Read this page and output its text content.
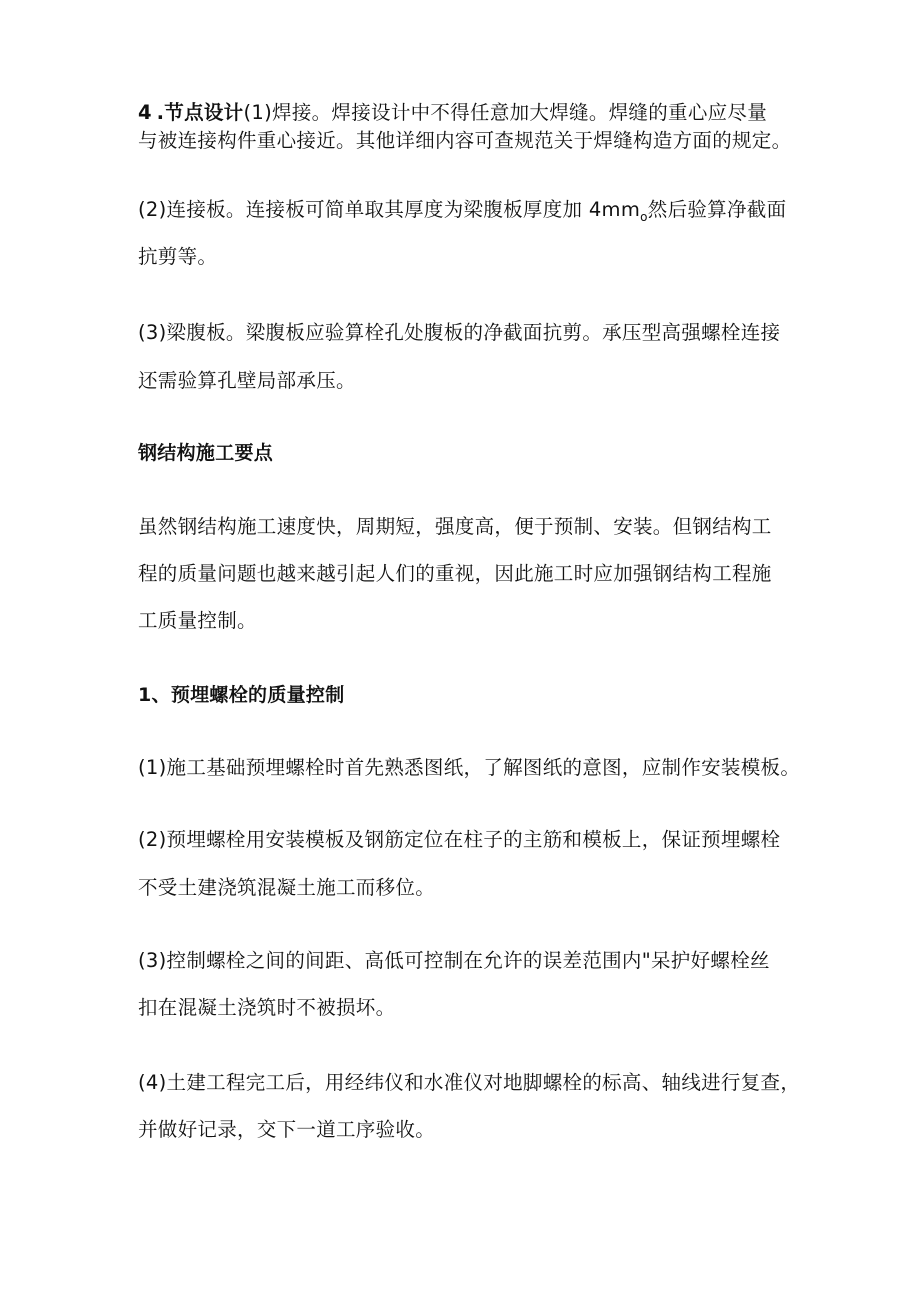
4.节点设计(1)焊接。焊接设计中不得任意加大焊缝。焊缝的重心应尽量
与被连接构件重心接近。其他详细内容可查规范关于焊缝构造方面的规定。
(2)连接板。连接板可简单取其厚度为梁腹板厚度加 $4mm_o$然后验算净截面
抗剪等。
(3)梁腹板。梁腹板应验算栓孔处腹板的净截面抗剪。承压型高强螺栓连接
还需验算孔壁局部承压。
钢结构施工要点
虽然钢结构施工速度快，周期短，强度高，便于预制、安装。但钢结构工
程的质量问题也越来越引起人们的重视，因此施工时应加强钢结构工程施
工质量控制。
1、预埋螺栓的质量控制
(1)施工基础预埋螺栓时首先熟悉图纸，了解图纸的意图，应制作安装模板。
(2)预埋螺栓用安装模板及钢筋定位在柱子的主筋和模板上，保证预埋螺栓
不受土建浇筑混凝土施工而移位。
(3)控制螺栓之间的间距、高低可控制在允许的误差范围内"呆护好螺栓丝
扣在混凝土浇筑时不被损坏。
(4)土建工程完工后，用经纬仪和水准仪对地脚螺栓的标高、轴线进行复查，
并做好记录，交下一道工序验收。
